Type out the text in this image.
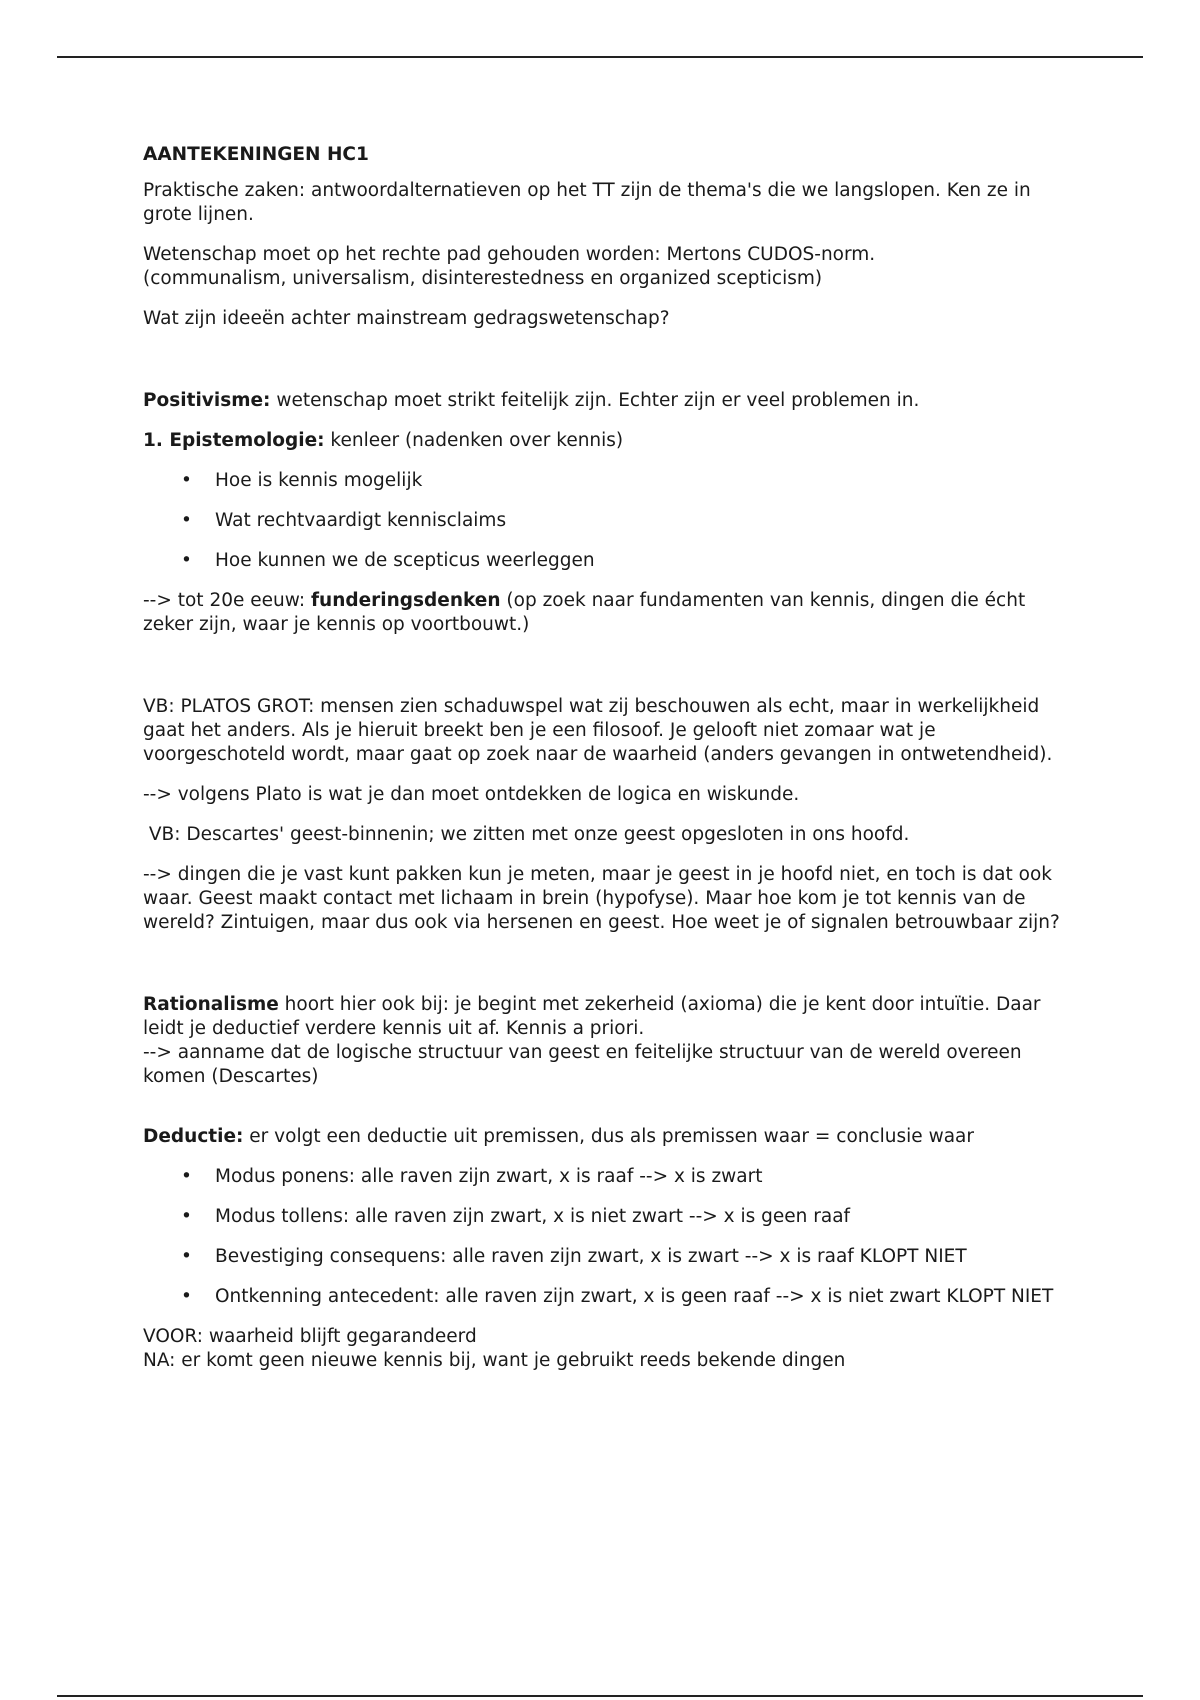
AANTEKENINGEN HC1
Praktische zaken: antwoordalternatieven op het TT zijn de thema's die we langslopen. Ken ze in grote lijnen.
Wetenschap moet op het rechte pad gehouden worden: Mertons CUDOS-norm.
(communalism, universalism, disinterestedness en organized scepticism)
Wat zijn ideeën achter mainstream gedragswetenschap?
Positivisme: wetenschap moet strikt feitelijk zijn. Echter zijn er veel problemen in.
1. Epistemologie: kenleer (nadenken over kennis)
• Hoe is kennis mogelijk
• Wat rechtvaardigt kennisclaims
• Hoe kunnen we de scepticus weerleggen
--> tot 20e eeuw: funderingsdenken (op zoek naar fundamenten van kennis, dingen die écht zeker zijn, waar je kennis op voortbouwt.)
VB: PLATOS GROT: mensen zien schaduwspel wat zij beschouwen als echt, maar in werkelijkheid gaat het anders. Als je hieruit breekt ben je een filosoof. Je gelooft niet zomaar wat je voorgeschoteld wordt, maar gaat op zoek naar de waarheid (anders gevangen in ontwetendheid).
--> volgens Plato is wat je dan moet ontdekken de logica en wiskunde.
VB: Descartes' geest-binnenin; we zitten met onze geest opgesloten in ons hoofd.
--> dingen die je vast kunt pakken kun je meten, maar je geest in je hoofd niet, en toch is dat ook waar. Geest maakt contact met lichaam in brein (hypofyse). Maar hoe kom je tot kennis van de wereld? Zintuigen, maar dus ook via hersenen en geest. Hoe weet je of signalen betrouwbaar zijn?
Rationalisme hoort hier ook bij: je begint met zekerheid (axioma) die je kent door intuïtie. Daar leidt je deductief verdere kennis uit af. Kennis a priori.
--> aanname dat de logische structuur van geest en feitelijke structuur van de wereld overeen komen (Descartes)
Deductie: er volgt een deductie uit premissen, dus als premissen waar = conclusie waar
• Modus ponens: alle raven zijn zwart, x is raaf --> x is zwart
• Modus tollens: alle raven zijn zwart, x is niet zwart --> x is geen raaf
• Bevestiging consequens: alle raven zijn zwart, x is zwart --> x is raaf KLOPT NIET
• Ontkenning antecedent: alle raven zijn zwart, x is geen raaf --> x is niet zwart KLOPT NIET
VOOR: waarheid blijft gegarandeerd
NA: er komt geen nieuwe kennis bij, want je gebruikt reeds bekende dingen
